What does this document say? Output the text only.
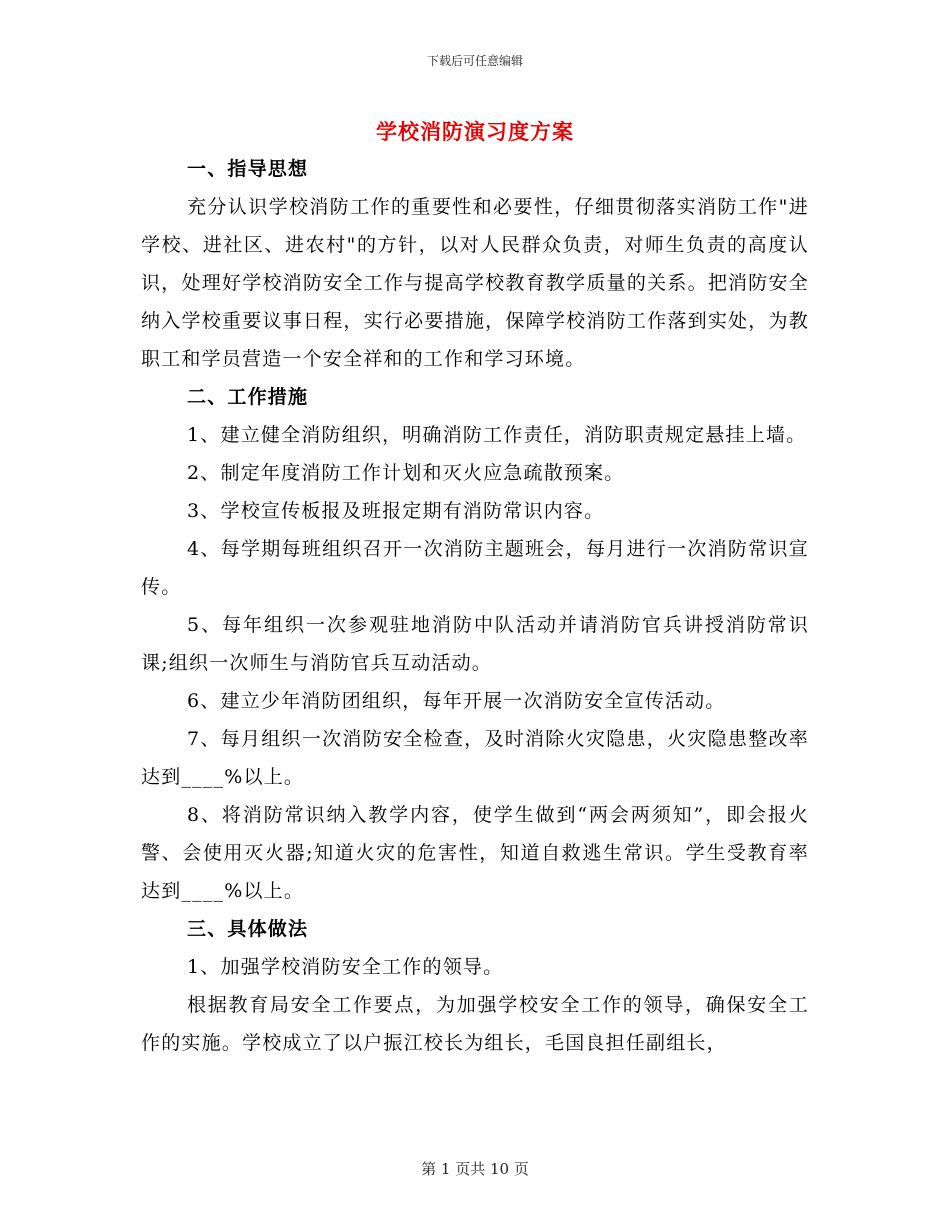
下载后可任意编辑
学校消防演习度方案

一、指导思想

充分认识学校消防工作的重要性和必要性，仔细贯彻落实消防工作"进学校、进社区、进农村"的方针，以对人民群众负责，对师生负责的高度认识，处理好学校消防安全工作与提高学校教育教学质量的关系。把消防安全纳入学校重要议事日程，实行必要措施，保障学校消防工作落到实处，为教职工和学员营造一个安全祥和的工作和学习环境。

二、工作措施

1、建立健全消防组织，明确消防工作责任，消防职责规定悬挂上墙。

2、制定年度消防工作计划和灭火应急疏散预案。

3、学校宣传板报及班报定期有消防常识内容。

4、每学期每班组织召开一次消防主题班会，每月进行一次消防常识宣传。

5、每年组织一次参观驻地消防中队活动并请消防官兵讲授消防常识课;组织一次师生与消防官兵互动活动。

6、建立少年消防团组织，每年开展一次消防安全宣传活动。

7、每月组织一次消防安全检查，及时消除火灾隐患，火灾隐患整改率达到____%以上。

8、将消防常识纳入教学内容，使学生做到“两会两须知”，即会报火警、会使用灭火器;知道火灾的危害性，知道自救逃生常识。学生受教育率达到____%以上。

三、具体做法

1、加强学校消防安全工作的领导。

根据教育局安全工作要点，为加强学校安全工作的领导，确保安全工作的实施。学校成立了以户振江校长为组长，毛国良担任副组长，

第 1 页共 10 页
